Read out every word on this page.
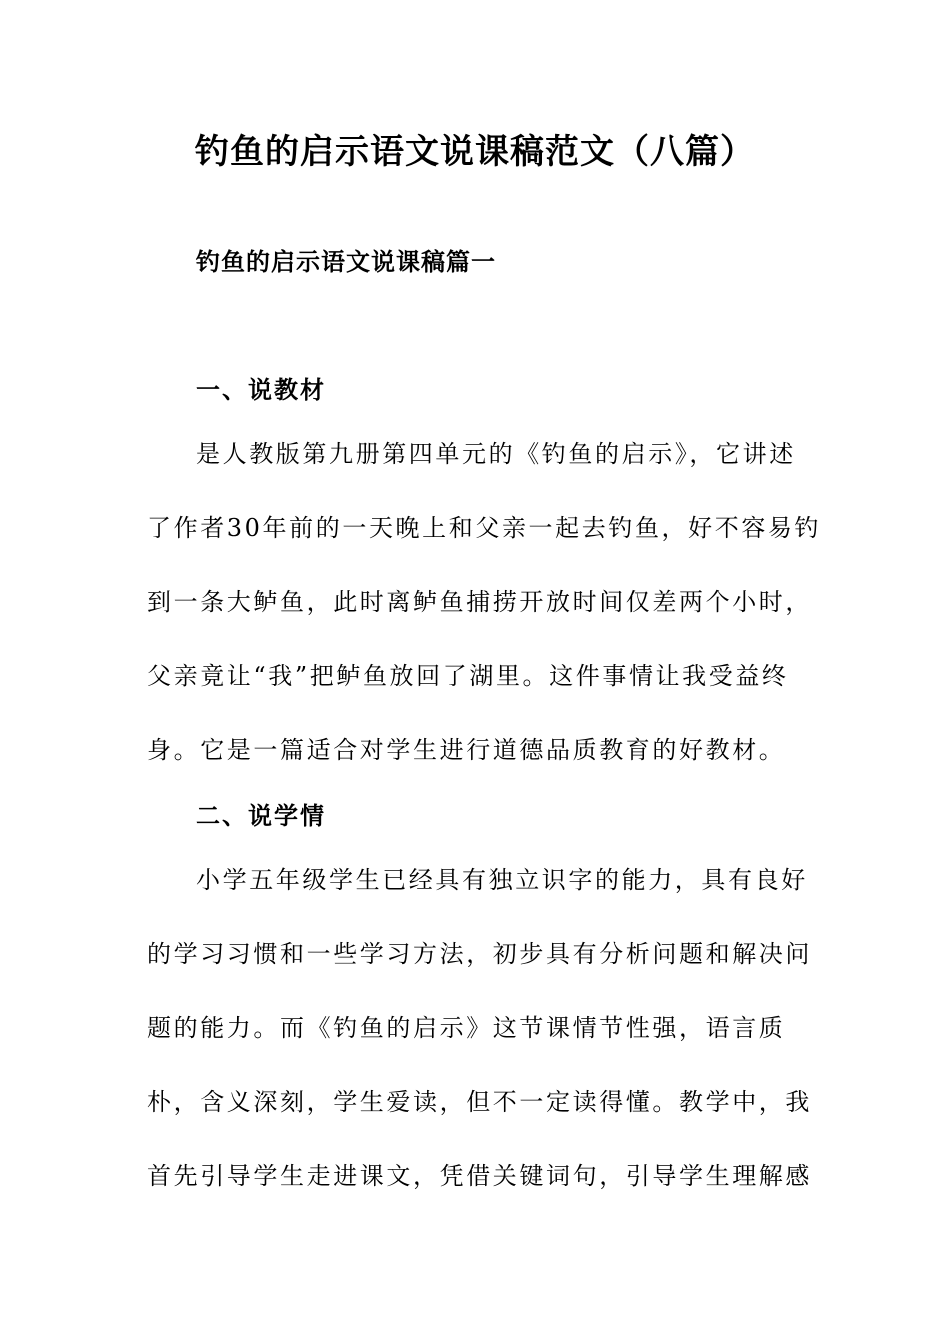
钓鱼的启示语文说课稿范文（八篇）
钓鱼的启示语文说课稿篇一
一、说教材
是人教版第九册第四单元的《钓鱼的启示》，它讲述
了作者30年前的一天晚上和父亲一起去钓鱼，好不容易钓
到一条大鲈鱼，此时离鲈鱼捕捞开放时间仅差两个小时，
父亲竟让“我”把鲈鱼放回了湖里。这件事情让我受益终
身。它是一篇适合对学生进行道德品质教育的好教材。
二、说学情
小学五年级学生已经具有独立识字的能力，具有良好
的学习习惯和一些学习方法，初步具有分析问题和解决问
题的能力。而《钓鱼的启示》这节课情节性强，语言质
朴，含义深刻，学生爱读，但不一定读得懂。教学中，我
首先引导学生走进课文，凭借关键词句，引导学生理解感
